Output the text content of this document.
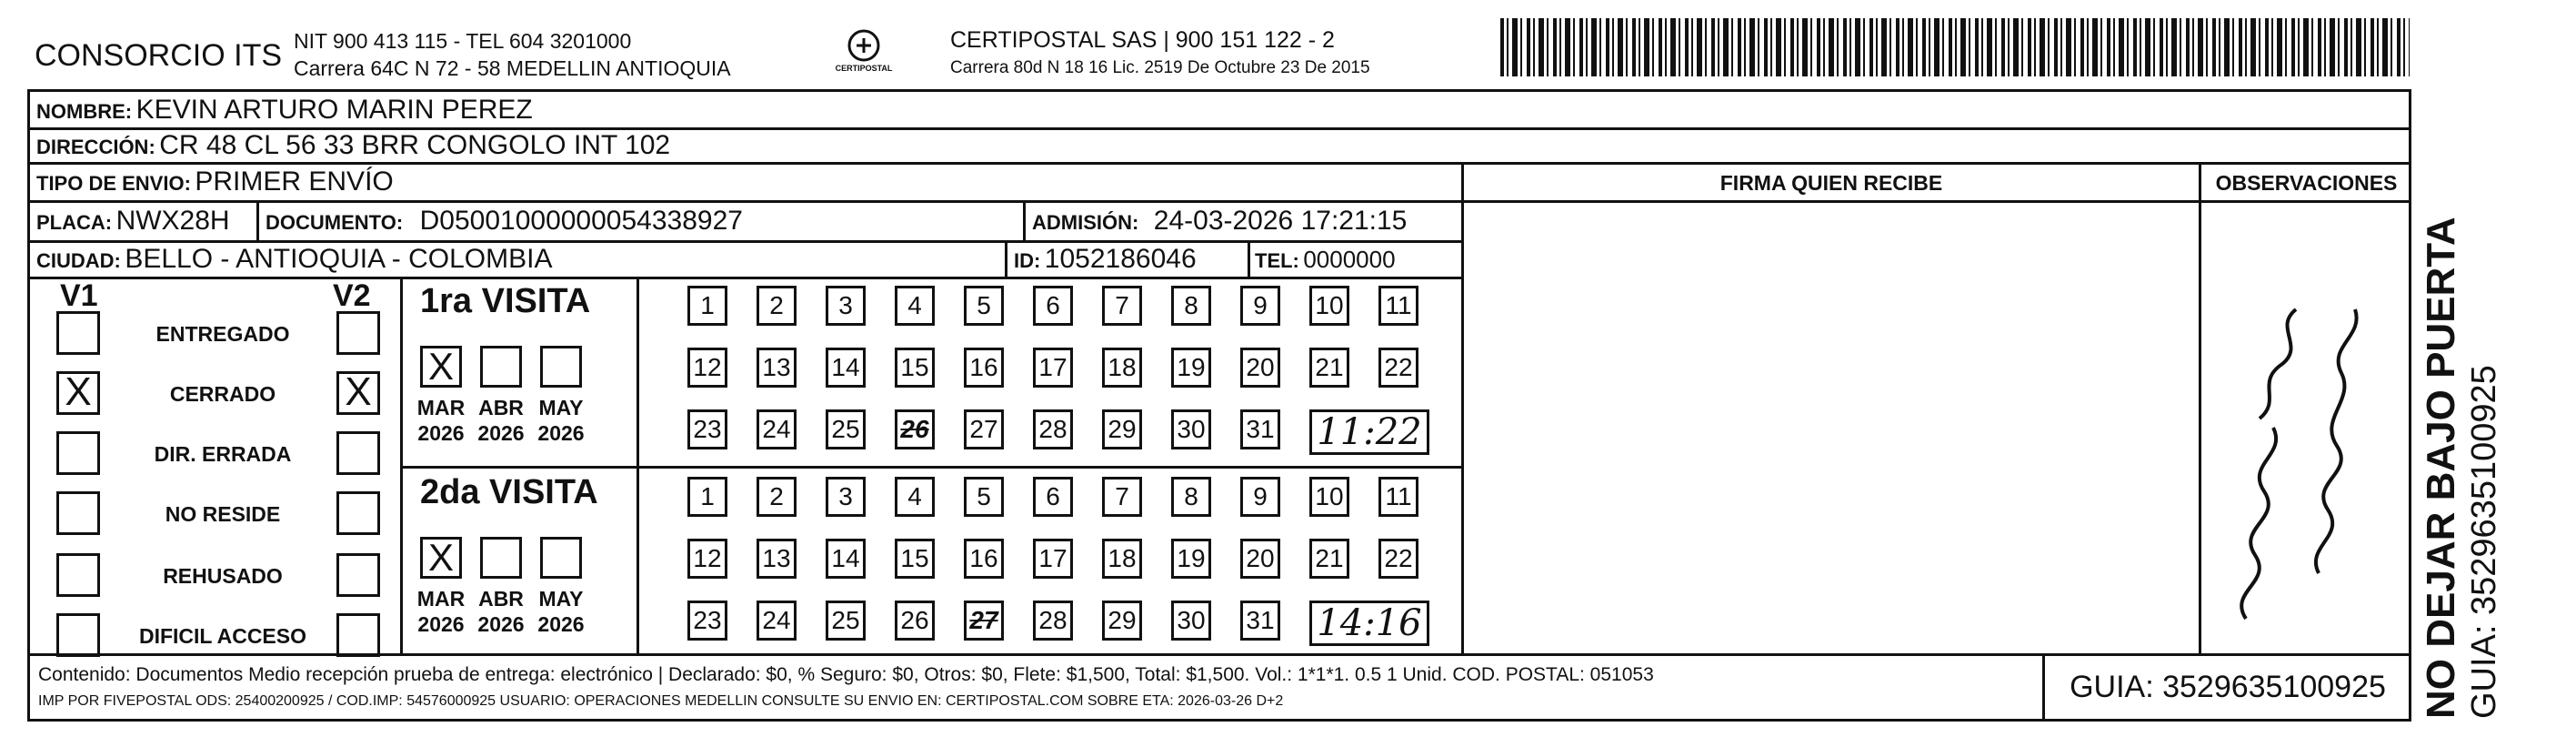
CONSORCIO ITS NIT 900 413 115 - TEL 604 3201000
Carrera 64C N 72 - 58 MEDELLIN ANTIOQUIA	CERTIPOSTAL
CERTIPOSTAL SAS | 900 151 122 - 2
Carrera 80d N 18 16 Lic. 2519 De Octubre 23 De 2015
NOMBRE: KEVIN ARTURO MARIN PEREZ
DIRECCIÓN: CR 48 CL 56 33 BRR CONGOLO INT 102
TIPO DE ENVIO: PRIMER ENVÍO	FIRMA QUIEN RECIBE	OBSERVACIONES
PLACA: NWX28H DOCUMENTO: D05001000000054338927	ADMISIÓN: 24-03-2026 17:21:15
CIUDAD: BELLO - ANTIOQUIA - COLOMBIA	ID: 1052186046	TEL: 0000000
V1	V2
ENTREGADO
X	CERRADO	X
DIR. ERRADA
NO RESIDE
REHUSADO
DIFICIL ACCESO
1ra VISITA
X
MAR
2026
ABR
2026
MAY
2026
1	2	3	4	5	6	7	8	9	10 11
12 13 14 15 16 17 18 19 20 21 22
23 24 25 26 27 28 29 30 31 11:22
2da VISITA
X
MAR
2026
ABR
2026
MAY
2026
1	2	3	4	5	6	7	8	9	10 11
12 13 14 15 16 17 18 19 20 21 22
23 24 25 26 27 28 29 30 31 14:16
Contenido: Documentos Medio recepción prueba de entrega: electrónico | Declarado: $0, % Seguro: $0, Otros: $0, Flete: $1,500, Total: $1,500. Vol.: 1*1*1. 0.5 1 Unid. COD. POSTAL: 051053
IMP POR FIVEPOSTAL ODS: 25400200925 / COD.IMP: 54576000925 USUARIO: OPERACIONES MEDELLIN CONSULTE SU ENVIO EN: CERTIPOSTAL.COM SOBRE ETA: 2026-03-26 D+2	GUIA: 3529635100925 NO DEJAR BAJO PUERTA GUIA: 3529635100925
